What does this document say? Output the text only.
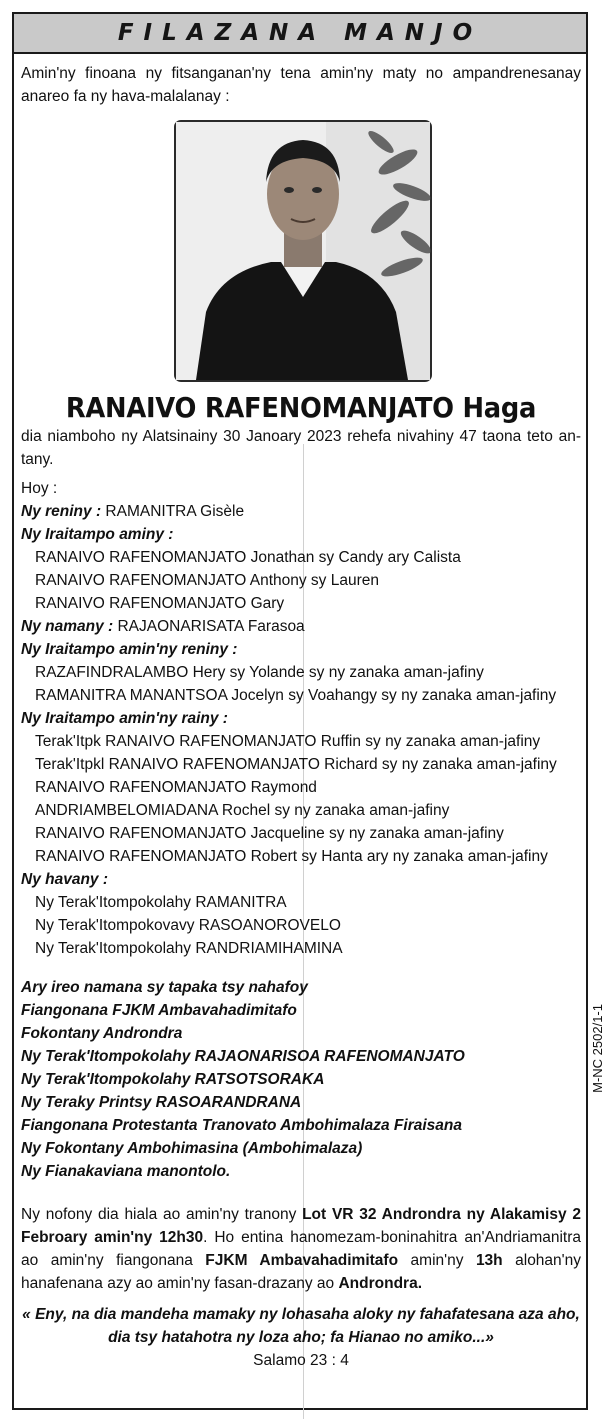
FILAZANA MANJO
Amin'ny finoana ny fitsanganan'ny tena amin'ny maty no ampandrenesanay anareo fa ny hava-malalanay :
RANAIVO RAFENOMANJATO Haga
dia niamboho ny Alatsinainy 30 Janoary 2023 rehefa nivahiny 47 taona teto an-tany.
Hoy :
Ny reniny : RAMANITRA Gisèle
Ny Iraitampo aminy :
RANAIVO RAFENOMANJATO Jonathan sy Candy ary Calista
RANAIVO RAFENOMANJATO Anthony sy Lauren
RANAIVO RAFENOMANJATO Gary
Ny namany : RAJAONARISATA Farasoa
Ny Iraitampo amin'ny reniny :
RAZAFINDRALAMBO Hery sy Yolande sy ny zanaka aman-jafiny
RAMANITRA MANANTSOA Jocelyn sy Voahangy sy ny zanaka aman-jafiny
Ny Iraitampo amin'ny rainy :
Terak'Itpk RANAIVO RAFENOMANJATO Ruffin sy ny zanaka aman-jafiny
Terak'Itpkl RANAIVO RAFENOMANJATO Richard sy ny zanaka aman-jafiny
RANAIVO RAFENOMANJATO Raymond
ANDRIAMBELOMIADANA Rochel sy ny zanaka aman-jafiny
RANAIVO RAFENOMANJATO Jacqueline sy ny zanaka aman-jafiny
RANAIVO RAFENOMANJATO Robert sy Hanta ary ny zanaka aman-jafiny
Ny havany :
Ny Terak'Itompokolahy RAMANITRA
Ny Terak'Itompokovavy RASOANOROVELO
Ny Terak'Itompokolahy RANDRIAMIHAMINA
Ary ireo namana sy tapaka tsy nahafoy
Fiangonana FJKM Ambavahadimitafo
Fokontany Androndra
Ny Terak'Itompokolahy RAJAONARISOA RAFENOMANJATO
Ny Terak'Itompokolahy RATSOTSORAKA
Ny Teraky Printsy RASOARANDRANA
Fiangonana Protestanta Tranovato Ambohimalaza Firaisana
Ny Fokontany Ambohimasina (Ambohimalaza)
Ny Fianakaviana manontolo.
Ny nofony dia hiala ao amin'ny tranony Lot VR 32 Androndra ny Alakamisy 2 Febroary amin'ny 12h30. Ho entina hanomezam-boninahitra an'Andriamanitra ao amin'ny fiangonana FJKM Ambavahadimitafo amin'ny 13h alohan'ny hanafenana azy ao amin'ny fasan-drazany ao Androndra.
« Eny, na dia mandeha mamaky ny lohasaha aloky ny fahafatesana aza aho, dia tsy hatahotra ny loza aho; fa Hianao no amiko...»
Salamo 23 : 4
M-NC 2502/1-1
